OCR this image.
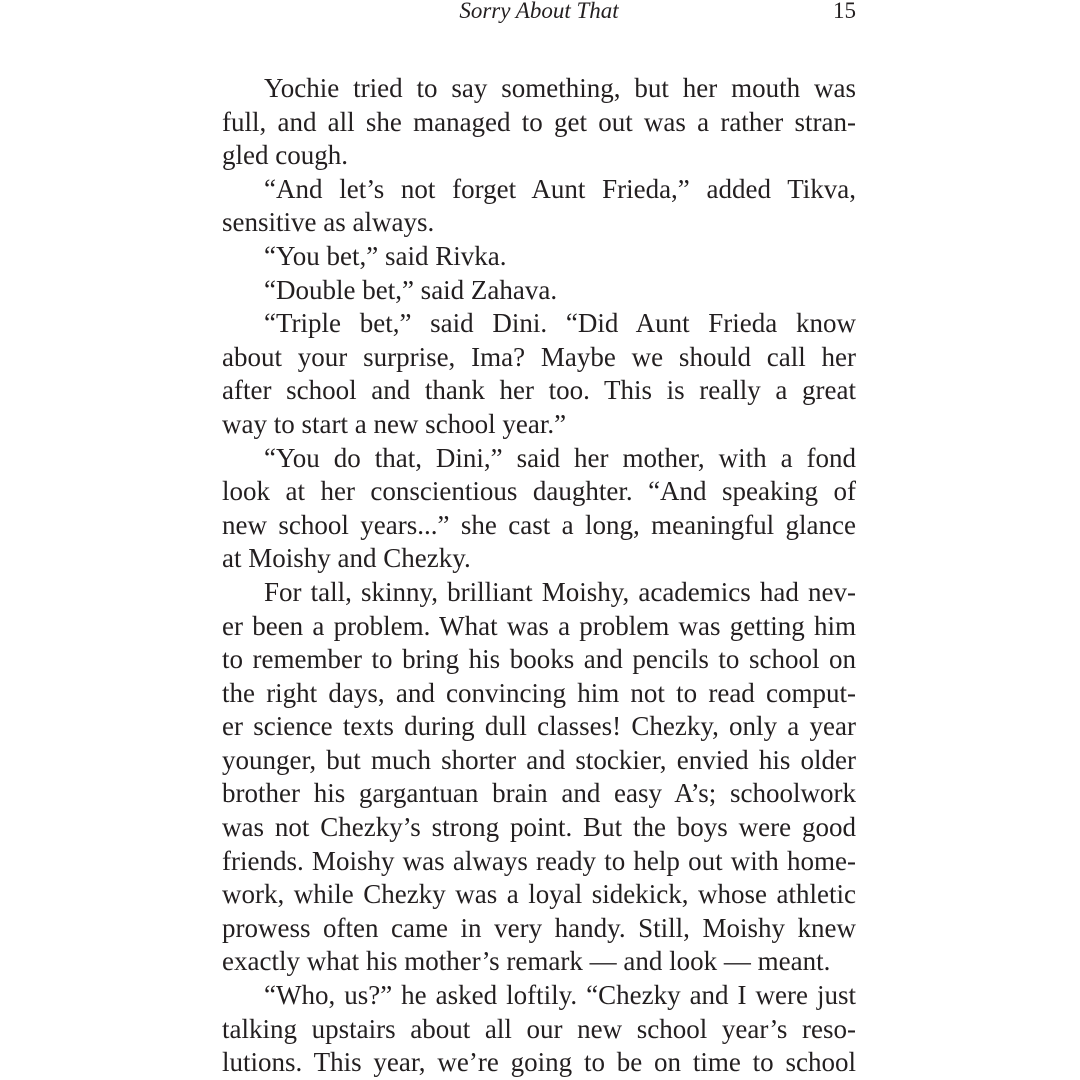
Sorry About That	15
Yochie tried to say something, but her mouth was
full, and all she managed to get out was a rather stran-
gled cough.
“And let’s not forget Aunt Frieda,” added Tikva,
sensitive as always.
“You bet,” said Rivka.
“Double bet,” said Zahava.
“Triple bet,” said Dini. “Did Aunt Frieda know
about your surprise, Ima? Maybe we should call her
after school and thank her too. This is really a great
way to start a new school year.”
“You do that, Dini,” said her mother, with a fond
look at her conscientious daughter. “And speaking of
new school years...” she cast a long, meaningful glance
at Moishy and Chezky.
For tall, skinny, brilliant Moishy, academics had nev-
er been a problem. What was a problem was getting him
to remember to bring his books and pencils to school on
the right days, and convincing him not to read comput-
er science texts during dull classes! Chezky, only a year
younger, but much shorter and stockier, envied his older
brother his gargantuan brain and easy A’s; schoolwork
was not Chezky’s strong point. But the boys were good
friends. Moishy was always ready to help out with home-
work, while Chezky was a loyal sidekick, whose athletic
prowess often came in very handy. Still, Moishy knew
exactly what his mother’s remark — and look — meant.
“Who, us?” he asked loftily. “Chezky and I were just
talking upstairs about all our new school year’s reso-
lutions. This year, we’re going to be on time to school
